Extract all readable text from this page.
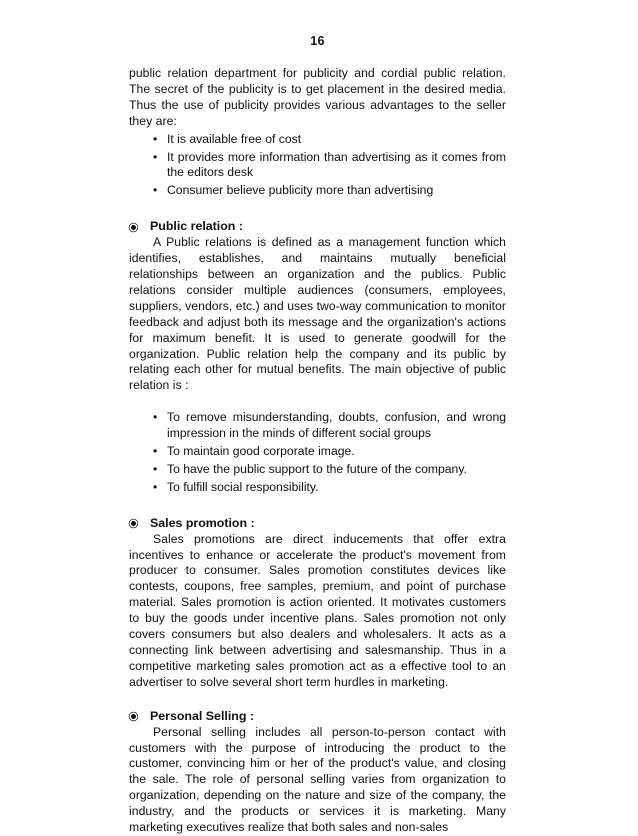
16

public relation department for publicity and cordial public relation. The secret of the publicity is to get placement in the desired media. Thus the use of publicity provides various advantages to the seller they are:

• It is available free of cost
• It provides more information than advertising as it comes from the editors desk
• Consumer believe publicity more than advertising
Public relation :

A Public relations is defined as a management function which identifies, establishes, and maintains mutually beneficial relationships between an organization and the publics. Public relations consider multiple audiences (consumers, employees, suppliers, vendors, etc.) and uses two-way communication to monitor feedback and adjust both its message and the organization's actions for maximum benefit. It is used to generate goodwill for the organization. Public relation help the company and its public by relating each other for mutual benefits. The main objective of public relation is :

• To remove misunderstanding, doubts, confusion, and wrong impression in the minds of different social groups
• To maintain good corporate image.
• To have the public support to the future of the company.
• To fulfill social responsibility.
Sales promotion :

Sales promotions are direct inducements that offer extra incentives to enhance or accelerate the product's movement from producer to consumer. Sales promotion constitutes devices like contests, coupons, free samples, premium, and point of purchase material. Sales promotion is action oriented. It motivates customers to buy the goods under incentive plans. Sales promotion not only covers consumers but also dealers and wholesalers. It acts as a connecting link between advertising and salesmanship. Thus in a competitive marketing sales promotion act as a effective tool to an advertiser to solve several short term hurdles in marketing.

Personal Selling :

Personal selling includes all person-to-person contact with customers with the purpose of introducing the product to the customer, convincing him or her of the product's value, and closing the sale. The role of personal selling varies from organization to organization, depending on the nature and size of the company, the industry, and the products or services it is marketing. Many marketing executives realize that both sales and non-sales
